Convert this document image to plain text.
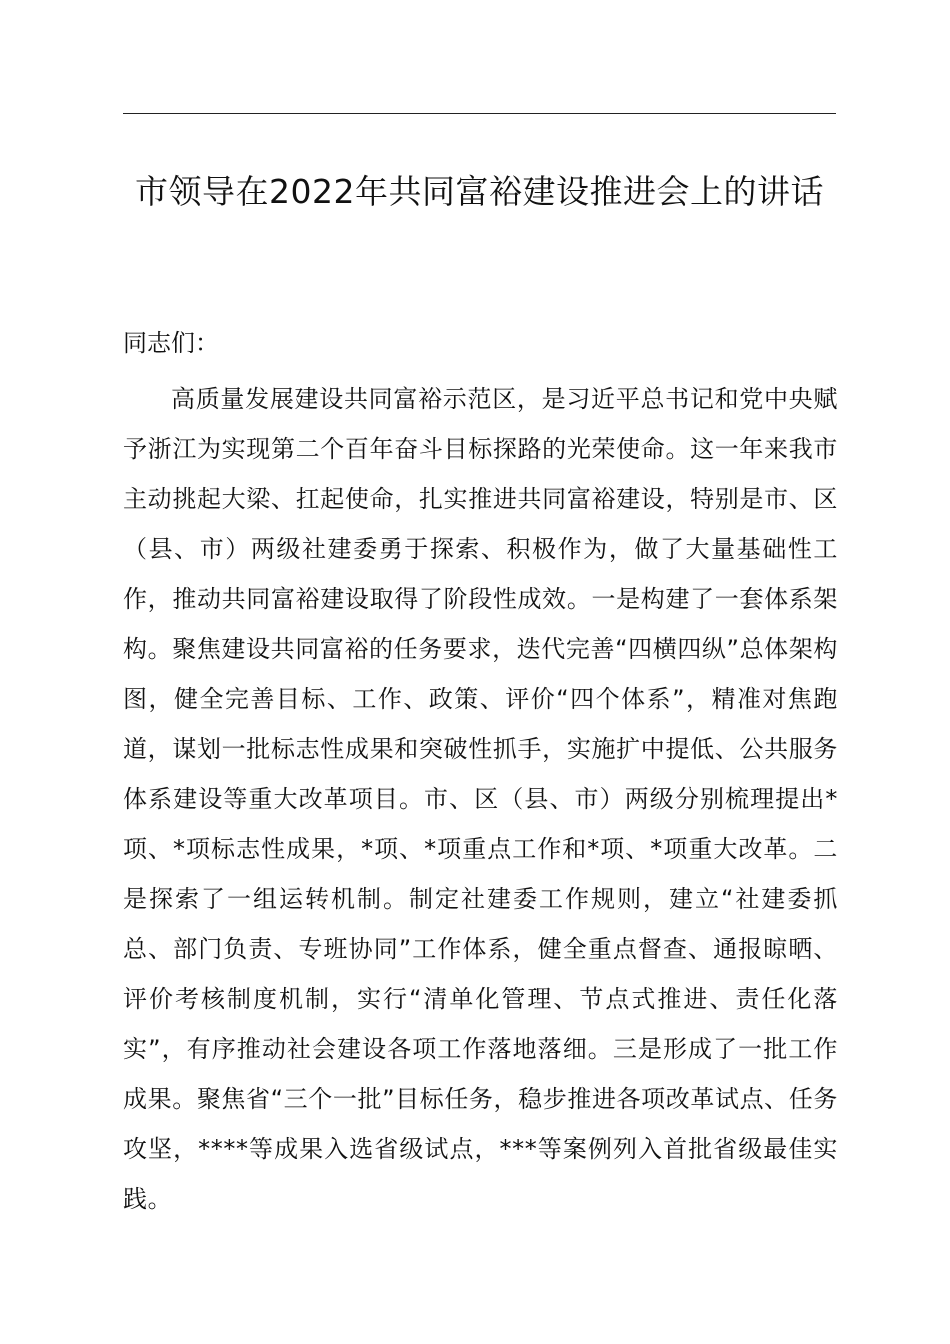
市领导在2022年共同富裕建设推进会上的讲话

同志们：

高质量发展建设共同富裕示范区，是习近平总书记和党中央赋予浙江为实现第二个百年奋斗目标探路的光荣使命。这一年来我市主动挑起大梁、扛起使命，扎实推进共同富裕建设，特别是市、区（县、市）两级社建委勇于探索、积极作为，做了大量基础性工作，推动共同富裕建设取得了阶段性成效。一是构建了一套体系架构。聚焦建设共同富裕的任务要求，迭代完善“四横四纵”总体架构图，健全完善目标、工作、政策、评价“四个体系”，精准对焦跑道，谋划一批标志性成果和突破性抓手，实施扩中提低、公共服务体系建设等重大改革项目。市、区（县、市）两级分别梳理提出*项、*项标志性成果，*项、*项重点工作和*项、*项重大改革。二是探索了一组运转机制。制定社建委工作规则，建立“社建委抓总、部门负责、专班协同”工作体系，健全重点督查、通报晾晒、评价考核制度机制，实行“清单化管理、节点式推进、责任化落实”，有序推动社会建设各项工作落地落细。三是形成了一批工作成果。聚焦省“三个一批”目标任务，稳步推进各项改革试点、任务攻坚，****等成果入选省级试点，***等案例列入首批省级最佳实践。
